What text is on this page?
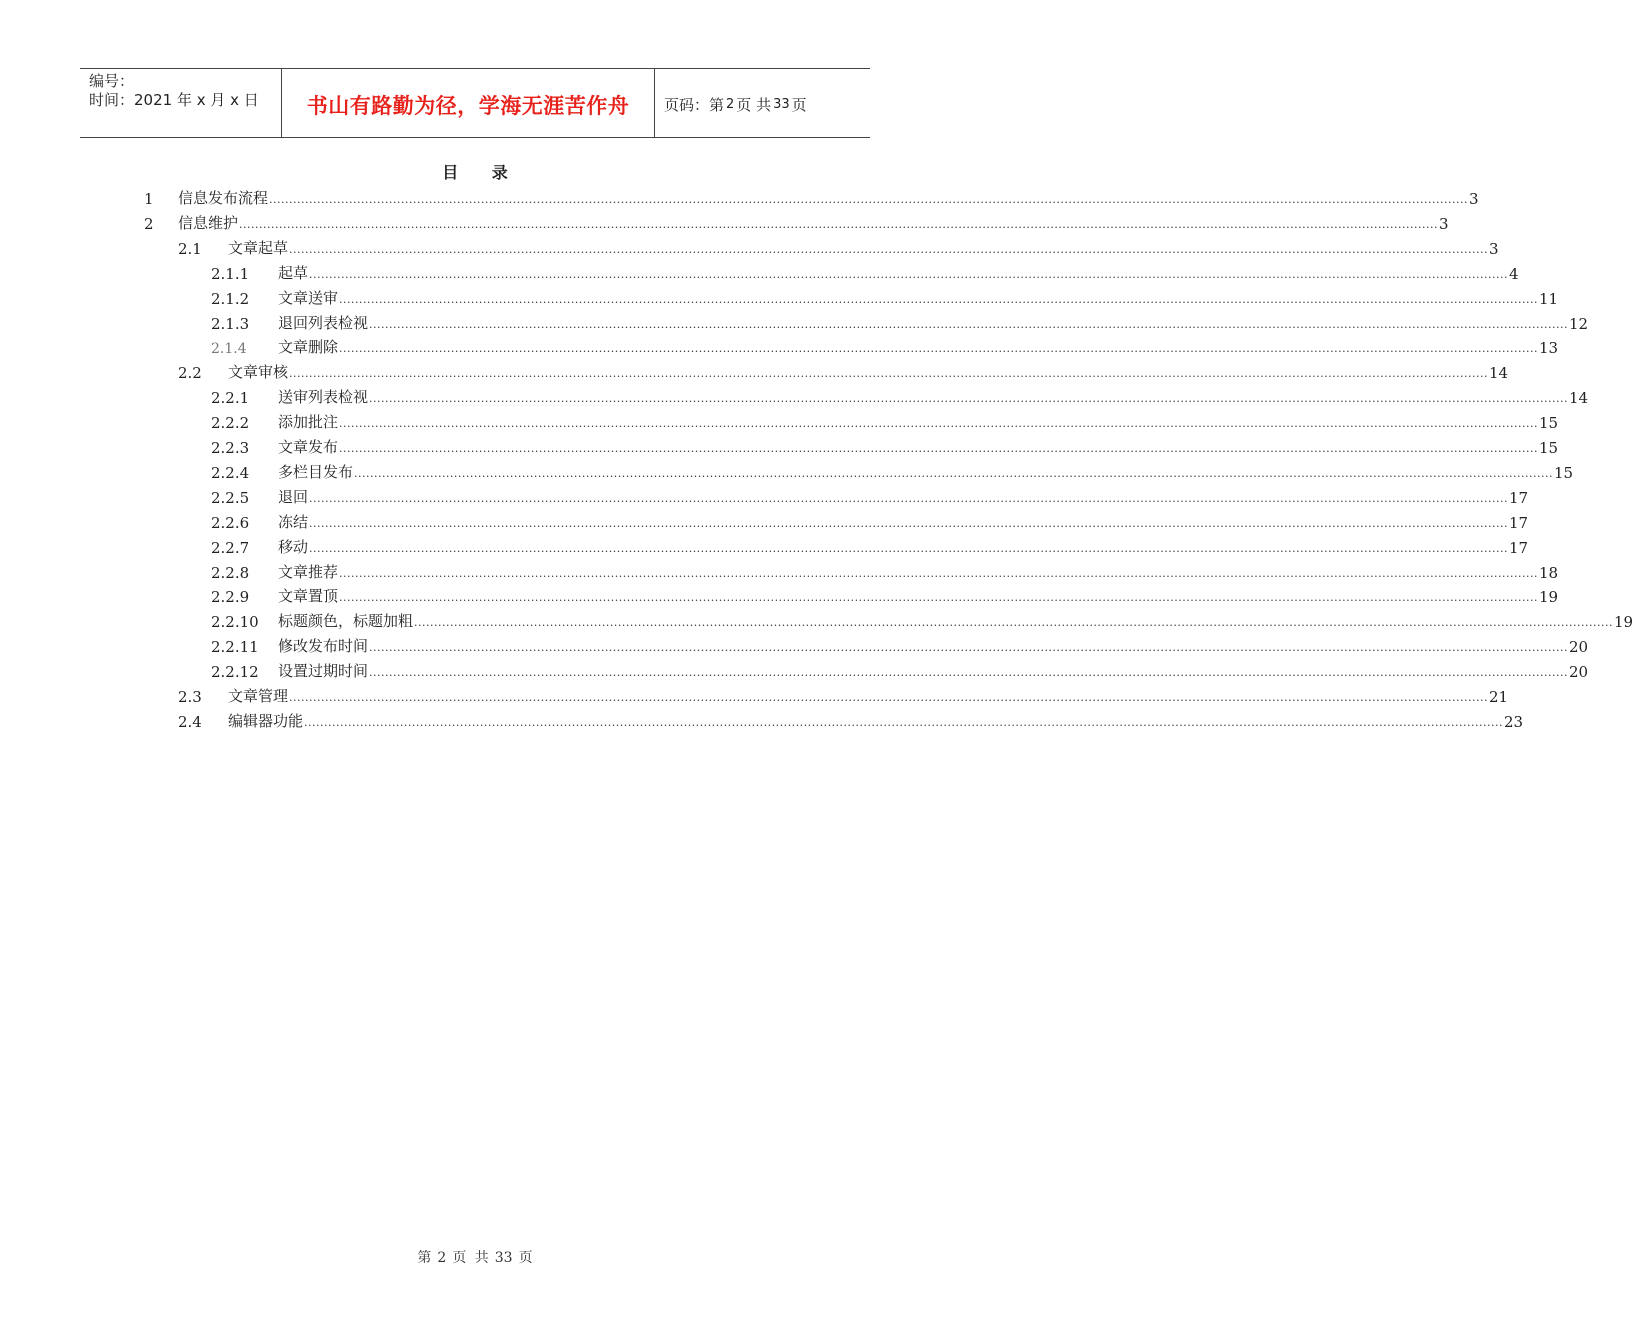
编号：
时间：2021 年 x 月 x 日	书山有路勤为径，学海无涯苦作舟 页码：第 2 页 共 33 页
目 录
1 信息发布流程 ............................................................................................................................................................................................................................................................................................................ 3
2 信息维护 ............................................................................................................................................................................................................................................................................................................ 3
2.1 文章起草 ............................................................................................................................................................................................................................................................................................................ 3
2.1.1 起草 ............................................................................................................................................................................................................................................................................................................ 4
2.1.2 文章送审 ............................................................................................................................................................................................................................................................................................................ 11
2.1.3 退回列表检视 ............................................................................................................................................................................................................................................................................................................ 12
2.1.4 文章删除 ............................................................................................................................................................................................................................................................................................................ 13
2.2 文章审核 ............................................................................................................................................................................................................................................................................................................ 14
2.2.1 送审列表检视 ............................................................................................................................................................................................................................................................................................................ 14
2.2.2 添加批注 ............................................................................................................................................................................................................................................................................................................ 15
2.2.3 文章发布 ............................................................................................................................................................................................................................................................................................................ 15
2.2.4 多栏目发布 ............................................................................................................................................................................................................................................................................................................ 15
2.2.5 退回 ............................................................................................................................................................................................................................................................................................................ 17
2.2.6 冻结 ............................................................................................................................................................................................................................................................................................................ 17
2.2.7 移动 ............................................................................................................................................................................................................................................................................................................ 17
2.2.8 文章推荐 ............................................................................................................................................................................................................................................................................................................ 18
2.2.9 文章置顶 ............................................................................................................................................................................................................................................................................................................ 19
2.2.10 标题颜色，标题加粗 ............................................................................................................................................................................................................................................................................................................ 19
2.2.11 修改发布时间 ............................................................................................................................................................................................................................................................................................................ 20
2.2.12 设置过期时间 ............................................................................................................................................................................................................................................................................................................ 20
2.3 文章管理 ............................................................................................................................................................................................................................................................................................................ 21
2.4 编辑器功能 ............................................................................................................................................................................................................................................................................................................ 23
第 2 页 共 33 页
